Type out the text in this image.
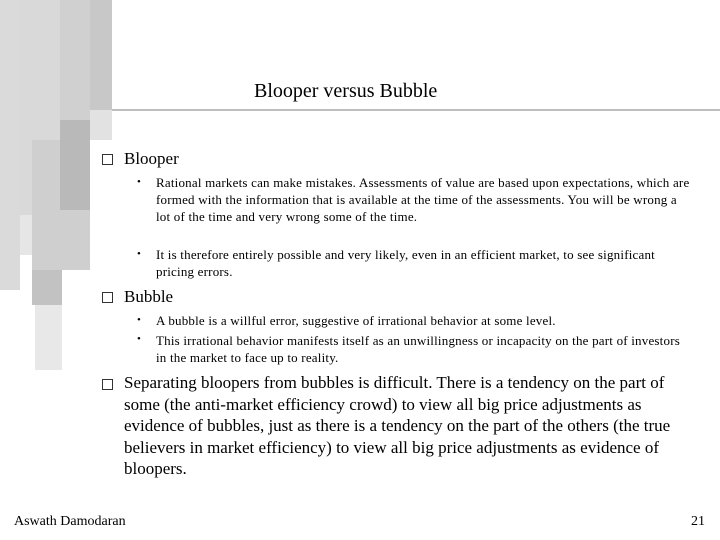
Blooper versus Bubble
Blooper
• Rational markets can make mistakes. Assessments of value are based upon expectations, which are formed with the information that is available at the time of the assessments. You will be wrong a lot of the time and very wrong some of the time.
• It is therefore entirely possible and very likely, even in an efficient market, to see significant pricing errors.
Bubble
• A bubble is a willful error, suggestive of irrational behavior at some level.
• This irrational behavior manifests itself as an unwillingness or incapacity on the part of investors in the market to face up to reality.
Separating bloopers from bubbles is difficult. There is a tendency on the part of some (the anti-market efficiency crowd) to view all big price adjustments as evidence of bubbles, just as there is a tendency on the part of the others (the true believers in market efficiency) to view all big price adjustments as evidence of bloopers.
Aswath Damodaran	21
